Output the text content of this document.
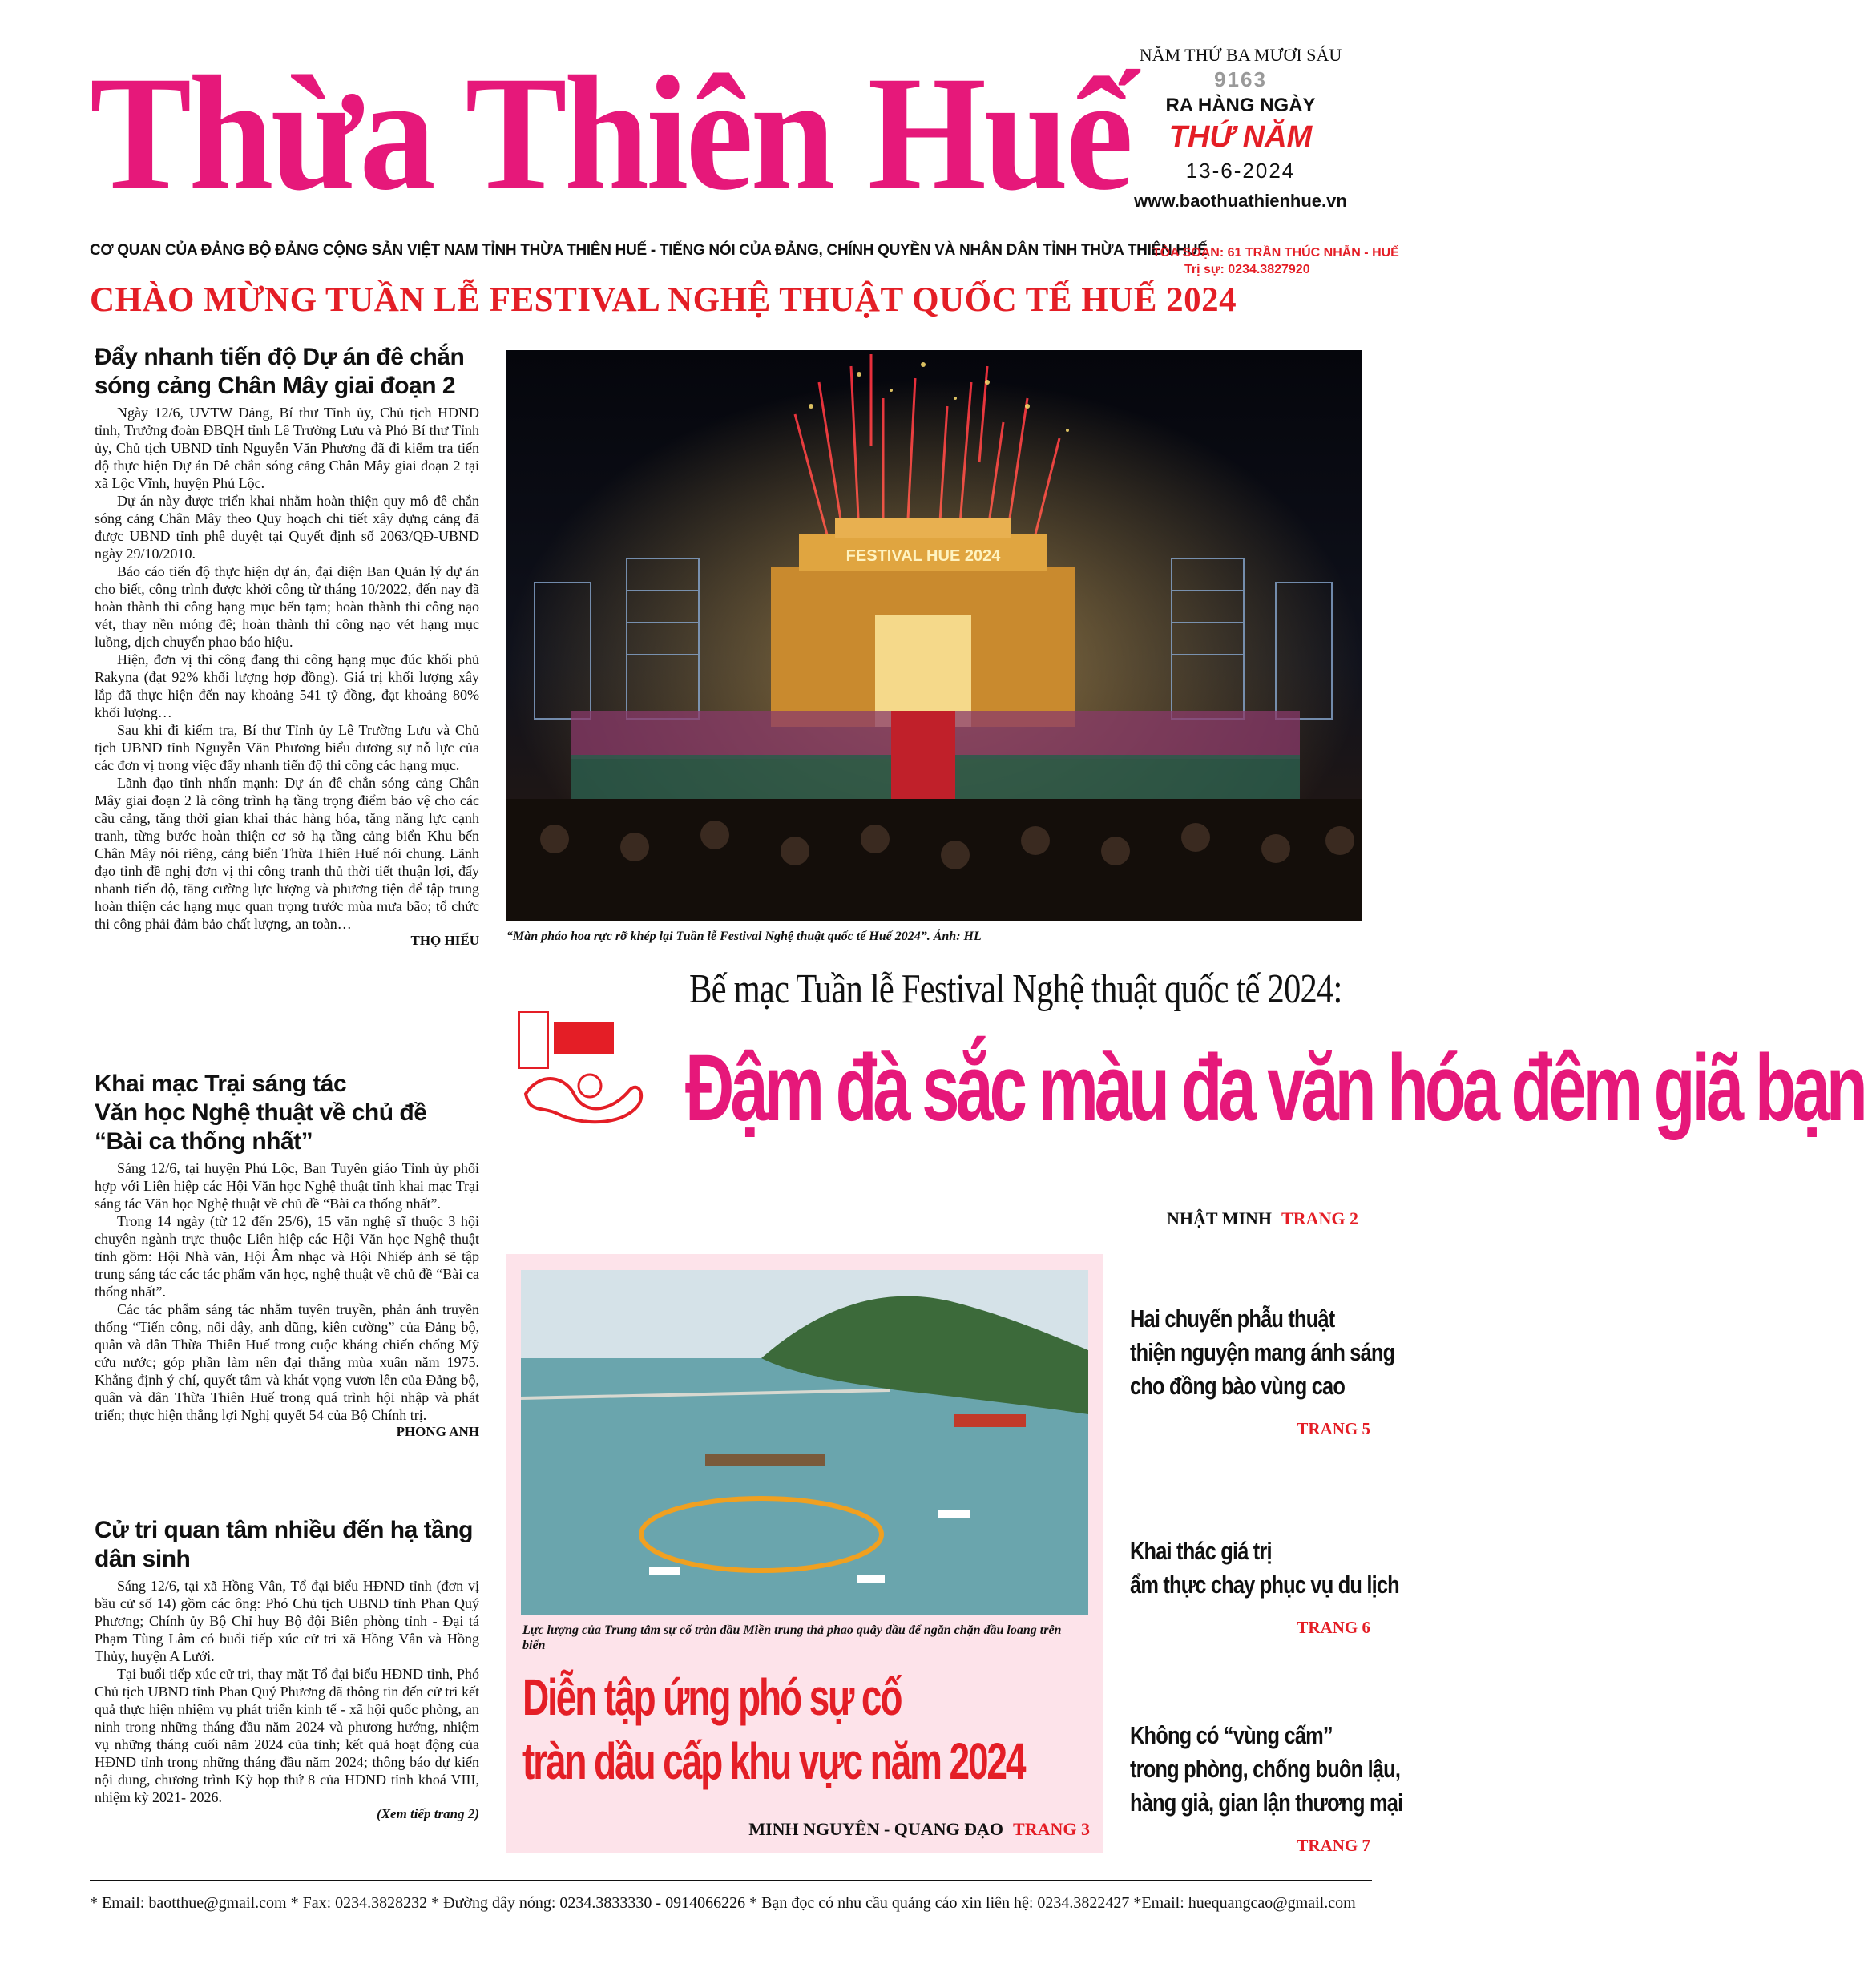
Thừa Thiên Huế
CƠ QUAN CỦA ĐẢNG BỘ ĐẢNG CỘNG SẢN VIỆT NAM TỈNH THỪA THIÊN HUẾ - TIẾNG NÓI CỦA ĐẢNG, CHÍNH QUYỀN VÀ NHÂN DÂN TỈNH THỪA THIÊN HUẾ
NĂM THỨ BA MƯƠI SÁU
9163
RA HÀNG NGÀY
THỨ NĂM
13-6-2024
www.baothuathienhue.vn
TÒA SOẠN: 61 TRẦN THÚC NHẪN - HUẾ
Trị sự: 0234.3827920
CHÀO MỪNG TUẦN LỄ FESTIVAL NGHỆ THUẬT QUỐC TẾ HUẾ 2024
Đẩy nhanh tiến độ Dự án đê chắn
sóng cảng Chân Mây giai đoạn 2

Ngày 12/6, UVTW Đảng, Bí thư Tỉnh ủy, Chủ tịch HĐND tỉnh, Trưởng đoàn ĐBQH tỉnh Lê Trường Lưu và Phó Bí thư Tỉnh ủy, Chủ tịch UBND tỉnh Nguyễn Văn Phương đã đi kiểm tra tiến độ thực hiện Dự án Đê chắn sóng cảng Chân Mây giai đoạn 2 tại xã Lộc Vĩnh, huyện Phú Lộc.

Dự án này được triển khai nhằm hoàn thiện quy mô đê chắn sóng cảng Chân Mây theo Quy hoạch chi tiết xây dựng cảng đã được UBND tỉnh phê duyệt tại Quyết định số 2063/QĐ-UBND ngày 29/10/2010.

Báo cáo tiến độ thực hiện dự án, đại diện Ban Quản lý dự án cho biết, công trình được khởi công từ tháng 10/2022, đến nay đã hoàn thành thi công hạng mục bến tạm; hoàn thành thi công nạo vét, thay nền móng đê; hoàn thành thi công nạo vét hạng mục luồng, dịch chuyển phao báo hiệu.

Hiện, đơn vị thi công đang thi công hạng mục đúc khối phủ Rakyna (đạt 92% khối lượng hợp đồng). Giá trị khối lượng xây lắp đã thực hiện đến nay khoảng 541 tỷ đồng, đạt khoảng 80% khối lượng…

Sau khi đi kiểm tra, Bí thư Tỉnh ủy Lê Trường Lưu và Chủ tịch UBND tỉnh Nguyễn Văn Phương biểu dương sự nỗ lực của các đơn vị trong việc đẩy nhanh tiến độ thi công các hạng mục.

Lãnh đạo tỉnh nhấn mạnh: Dự án đê chắn sóng cảng Chân Mây giai đoạn 2 là công trình hạ tầng trọng điểm bảo vệ cho các cầu cảng, tăng thời gian khai thác hàng hóa, tăng năng lực cạnh tranh, từng bước hoàn thiện cơ sở hạ tầng cảng biển Khu bến Chân Mây nói riêng, cảng biển Thừa Thiên Huế nói chung. Lãnh đạo tỉnh đề nghị đơn vị thi công tranh thủ thời tiết thuận lợi, đẩy nhanh tiến độ, tăng cường lực lượng và phương tiện để tập trung hoàn thiện các hạng mục quan trọng trước mùa mưa bão; tổ chức thi công phải đảm bảo chất lượng, an toàn…

THỌ HIẾU
Khai mạc Trại sáng tác
Văn học Nghệ thuật về chủ đề
“Bài ca thống nhất”

Sáng 12/6, tại huyện Phú Lộc, Ban Tuyên giáo Tỉnh ủy phối hợp với Liên hiệp các Hội Văn học Nghệ thuật tỉnh khai mạc Trại sáng tác Văn học Nghệ thuật về chủ đề “Bài ca thống nhất”.

Trong 14 ngày (từ 12 đến 25/6), 15 văn nghệ sĩ thuộc 3 hội chuyên ngành trực thuộc Liên hiệp các Hội Văn học Nghệ thuật tỉnh gồm: Hội Nhà văn, Hội Âm nhạc và Hội Nhiếp ảnh sẽ tập trung sáng tác các tác phẩm văn học, nghệ thuật về chủ đề “Bài ca thống nhất”.

Các tác phẩm sáng tác nhằm tuyên truyền, phản ánh truyền thống “Tiến công, nổi dậy, anh dũng, kiên cường” của Đảng bộ, quân và dân Thừa Thiên Huế trong cuộc kháng chiến chống Mỹ cứu nước; góp phần làm nên đại thắng mùa xuân năm 1975. Khẳng định ý chí, quyết tâm và khát vọng vươn lên của Đảng bộ, quân và dân Thừa Thiên Huế trong quá trình hội nhập và phát triển; thực hiện thắng lợi Nghị quyết 54 của Bộ Chính trị.

PHONG ANH
Cử tri quan tâm nhiều đến hạ tầng
dân sinh

Sáng 12/6, tại xã Hồng Vân, Tổ đại biểu HĐND tỉnh (đơn vị bầu cử số 14) gồm các ông: Phó Chủ tịch UBND tỉnh Phan Quý Phương; Chính ủy Bộ Chỉ huy Bộ đội Biên phòng tỉnh - Đại tá Phạm Tùng Lâm có buổi tiếp xúc cử tri xã Hồng Vân và Hồng Thủy, huyện A Lưới.

Tại buổi tiếp xúc cử tri, thay mặt Tổ đại biểu HĐND tỉnh, Phó Chủ tịch UBND tỉnh Phan Quý Phương đã thông tin đến cử tri kết quả thực hiện nhiệm vụ phát triển kinh tế - xã hội quốc phòng, an ninh trong những tháng đầu năm 2024 và phương hướng, nhiệm vụ những tháng cuối năm 2024 của tỉnh; kết quả hoạt động của HĐND tỉnh trong những tháng đầu năm 2024; thông báo dự kiến nội dung, chương trình Kỳ họp thứ 8 của HĐND tỉnh khoá VIII, nhiệm kỳ 2021- 2026.

(Xem tiếp trang 2)
FESTIVAL HUE 2024
“Màn pháo hoa rực rỡ khép lại Tuần lễ Festival Nghệ thuật quốc tế Huế 2024”. Ảnh: HL
Bế mạc Tuần lễ Festival Nghệ thuật quốc tế 2024:
Đậm đà sắc màu đa văn hóa đêm giã bạn
NHẬT MINH TRANG 2
Lực lượng của Trung tâm sự cố tràn dầu Miền trung thả phao quây dầu để ngăn chặn dầu loang trên biển
Diễn tập ứng phó sự cố
tràn dầu cấp khu vực năm 2024
MINH NGUYÊN - QUANG ĐẠO TRANG 3
Hai chuyến phẫu thuật
thiện nguyện mang ánh sáng
cho đồng bào vùng cao
TRANG 5
Khai thác giá trị
ẩm thực chay phục vụ du lịch
TRANG 6
Không có “vùng cấm”
trong phòng, chống buôn lậu,
hàng giả, gian lận thương mại
TRANG 7
* Email: baotthue@gmail.com * Fax: 0234.3828232 * Đường dây nóng: 0234.3833330 - 0914066226 * Bạn đọc có nhu cầu quảng cáo xin liên hệ: 0234.3822427 *Email: huequangcao@gmail.com
